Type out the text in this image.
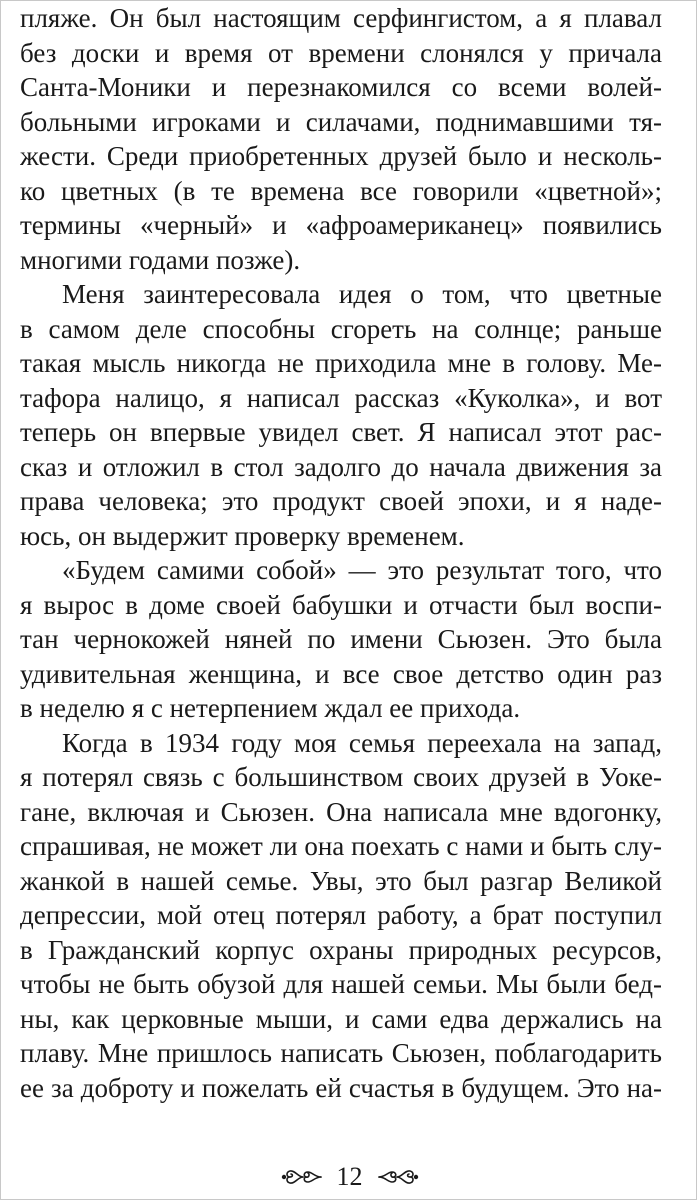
пляже. Он был настоящим серфингистом, а я плавал
без доски и время от времени слонялся у причала
Санта-Моники и перезнакомился со всеми волей-
больными игроками и силачами, поднимавшими тя-
жести. Среди приобретенных друзей было и несколь-
ко цветных (в те времена все говорили «цветной»;
термины «черный» и «афроамериканец» появились
многими годами позже).
Меня заинтересовала идея о том, что цветные
в самом деле способны сгореть на солнце; раньше
такая мысль никогда не приходила мне в голову. Ме-
тафора налицо, я написал рассказ «Куколка», и вот
теперь он впервые увидел свет. Я написал этот рас-
сказ и отложил в стол задолго до начала движения за
права человека; это продукт своей эпохи, и я наде-
юсь, он выдержит проверку временем.
«Будем самими собой» — это результат того, что
я вырос в доме своей бабушки и отчасти был воспи-
тан чернокожей няней по имени Сьюзен. Это была
удивительная женщина, и все свое детство один раз
в неделю я с нетерпением ждал ее прихода.
Когда в 1934 году моя семья переехала на запад,
я потерял связь с большинством своих друзей в Уоке-
гане, включая и Сьюзен. Она написала мне вдогонку,
спрашивая, не может ли она поехать с нами и быть слу-
жанкой в нашей семье. Увы, это был разгар Великой
депрессии, мой отец потерял работу, а брат поступил
в Гражданский корпус охраны природных ресурсов,
чтобы не быть обузой для нашей семьи. Мы были бед-
ны, как церковные мыши, и сами едва держались на
плаву. Мне пришлось написать Сьюзен, поблагодарить
ее за доброту и пожелать ей счастья в будущем. Это на-
12
